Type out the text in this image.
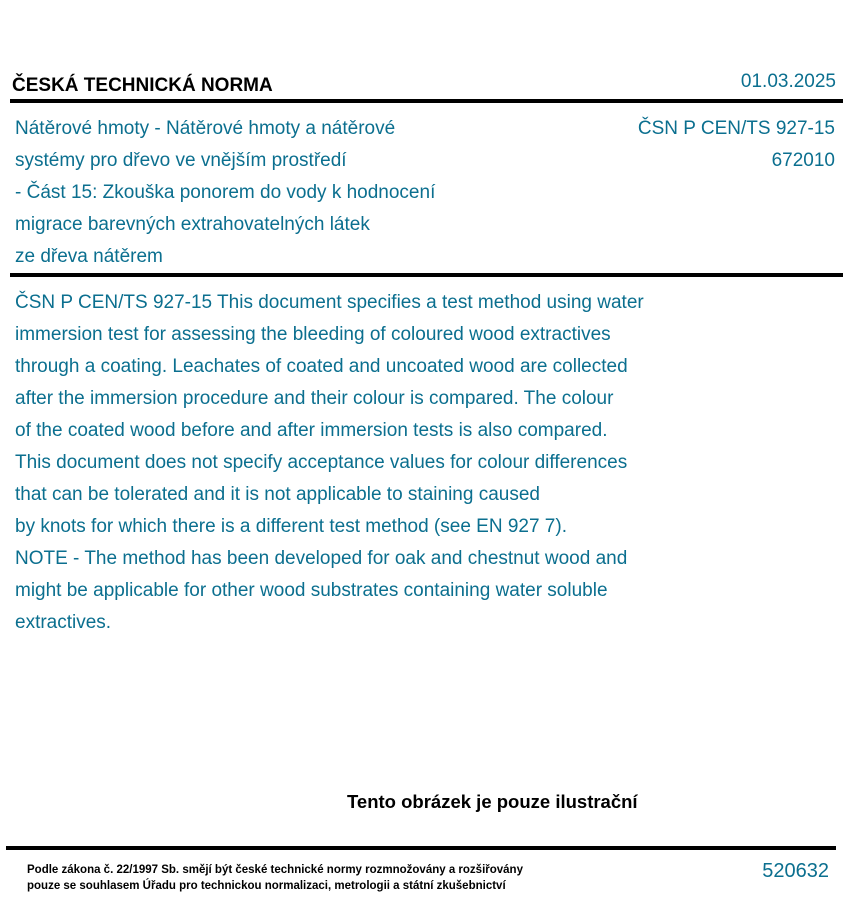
ČESKÁ TECHNICKÁ NORMA	01.03.2025
Nátěrové hmoty - Nátěrové hmoty a nátěrové
systémy pro dřevo ve vnějším prostředí
- Část 15: Zkouška ponorem do vody k hodnocení
migrace barevných extrahovatelných látek
ze dřeva nátěrem
ČSN P CEN/TS 927-15
672010
ČSN P CEN/TS 927-15 This document specifies a test method using water
immersion test for assessing the bleeding of coloured wood extractives
through a coating. Leachates of coated and uncoated wood are collected
after the immersion procedure and their colour is compared. The colour
of the coated wood before and after immersion tests is also compared.
This document does not specify acceptance values for colour differences
that can be tolerated and it is not applicable to staining caused
by knots for which there is a different test method (see EN 927 7).
NOTE - The method has been developed for oak and chestnut wood and
might be applicable for other wood substrates containing water soluble
extractives.
Tento obrázek je pouze ilustrační
Podle zákona č. 22/1997 Sb. smějí být české technické normy rozmnožovány a rozšiřovány
pouze se souhlasem Úřadu pro technickou normalizaci, metrologii a státní zkušebnictví
520632
